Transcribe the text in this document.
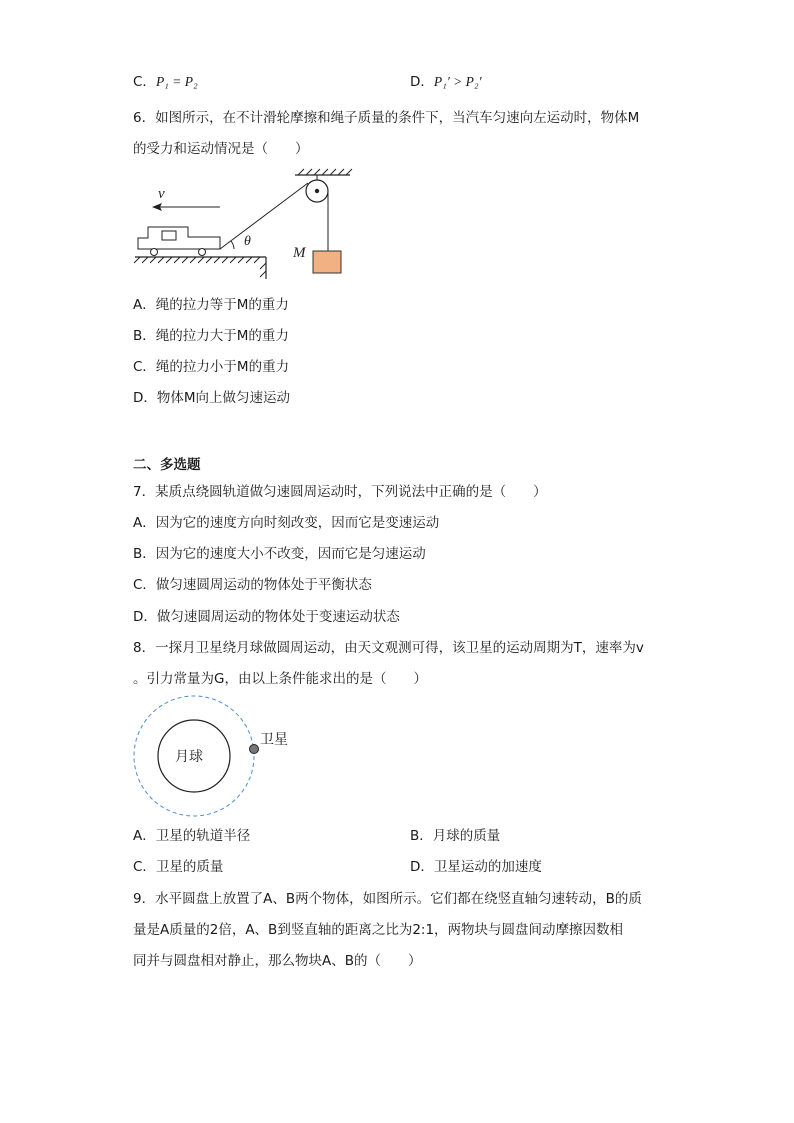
C．P₁ = P₂	D．P₁′ > P₂′
6．如图所示，在不计滑轮摩擦和绳子质量的条件下，当汽车匀速向左运动时，物体M
的受力和运动情况是（　　）
θ
M
v
A．绳的拉力等于M的重力
B．绳的拉力大于M的重力
C．绳的拉力小于M的重力
D．物体M向上做匀速运动
二、多选题
7．某质点绕圆轨道做匀速圆周运动时，下列说法中正确的是（　　）
A．因为它的速度方向时刻改变，因而它是变速运动
B．因为它的速度大小不改变，因而它是匀速运动
C．做匀速圆周运动的物体处于平衡状态
D．做匀速圆周运动的物体处于变速运动状态
8．一探月卫星绕月球做圆周运动，由天文观测可得，该卫星的运动周期为T，速率为v
。引力常量为G，由以上条件能求出的是（　　）
月球
卫星
A．卫星的轨道半径	B．月球的质量
C．卫星的质量	D．卫星运动的加速度
9．水平圆盘上放置了A、B两个物体，如图所示。它们都在绕竖直轴匀速转动，B的质
量是A质量的2倍，A、B到竖直轴的距离之比为2:1，两物块与圆盘间动摩擦因数相
同并与圆盘相对静止，那么物块A、B的（　　）
